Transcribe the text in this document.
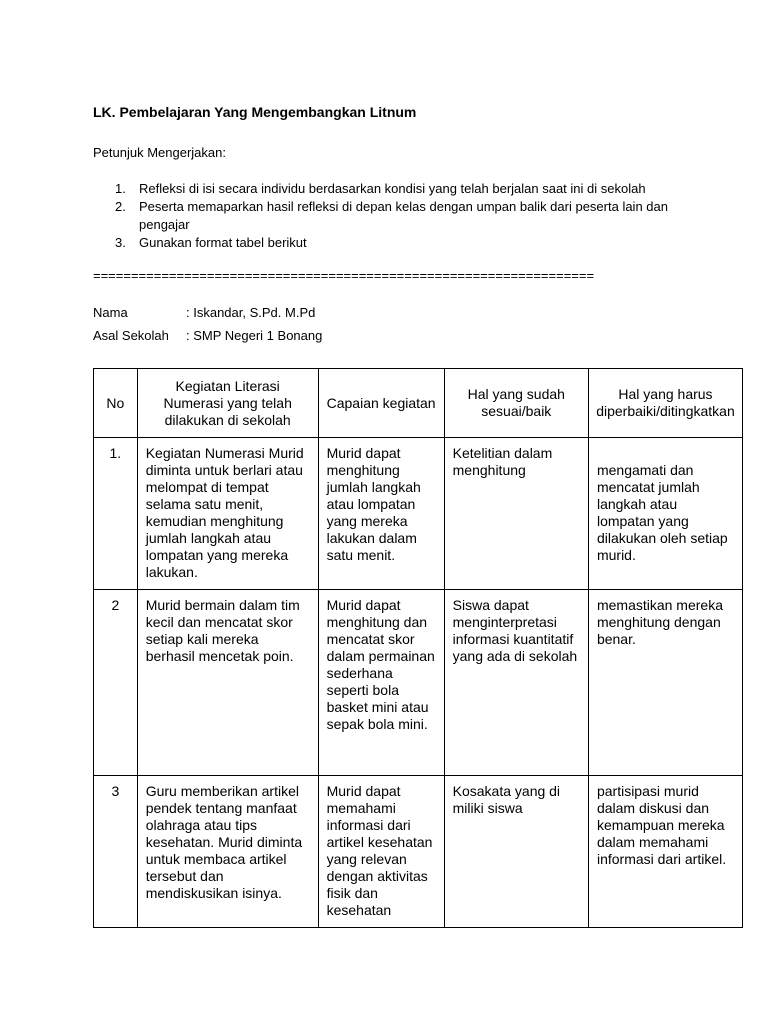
LK. Pembelajaran Yang Mengembangkan Litnum
Petunjuk Mengerjakan:
1. Refleksi di isi secara individu berdasarkan kondisi yang telah berjalan saat ini di sekolah
2. Peserta memaparkan hasil refleksi di depan kelas dengan umpan balik dari peserta lain dan pengajar
3. Gunakan format tabel berikut
==================================================================
Nama	: Iskandar, S.Pd. M.Pd
Asal Sekolah : SMP Negeri 1 Bonang
No	Kegiatan Literasi Numerasi yang telah dilakukan di sekolah	Capaian kegiatan	Hal yang sudah sesuai/baik	Hal yang harus diperbaiki/ditingkatkan
1.	Kegiatan Numerasi Murid diminta untuk berlari atau melompat di tempat selama satu menit, kemudian menghitung jumlah langkah atau lompatan yang mereka lakukan.	Murid dapat menghitung jumlah langkah atau lompatan yang mereka lakukan dalam satu menit.	Ketelitian dalam menghitung	mengamati dan mencatat jumlah langkah atau lompatan yang dilakukan oleh setiap murid.
2	Murid bermain dalam tim kecil dan mencatat skor setiap kali mereka berhasil mencetak poin.	Murid dapat menghitung dan mencatat skor dalam permainan sederhana seperti bola basket mini atau sepak bola mini.	Siswa dapat menginterpretasi informasi kuantitatif yang ada di sekolah	memastikan mereka menghitung dengan benar.
3	Guru memberikan artikel pendek tentang manfaat olahraga atau tips kesehatan. Murid diminta untuk membaca artikel tersebut dan mendiskusikan isinya.	Murid dapat memahami informasi dari artikel kesehatan yang relevan dengan aktivitas fisik dan kesehatan	Kosakata yang di miliki siswa	partisipasi murid dalam diskusi dan kemampuan mereka dalam memahami informasi dari artikel.
